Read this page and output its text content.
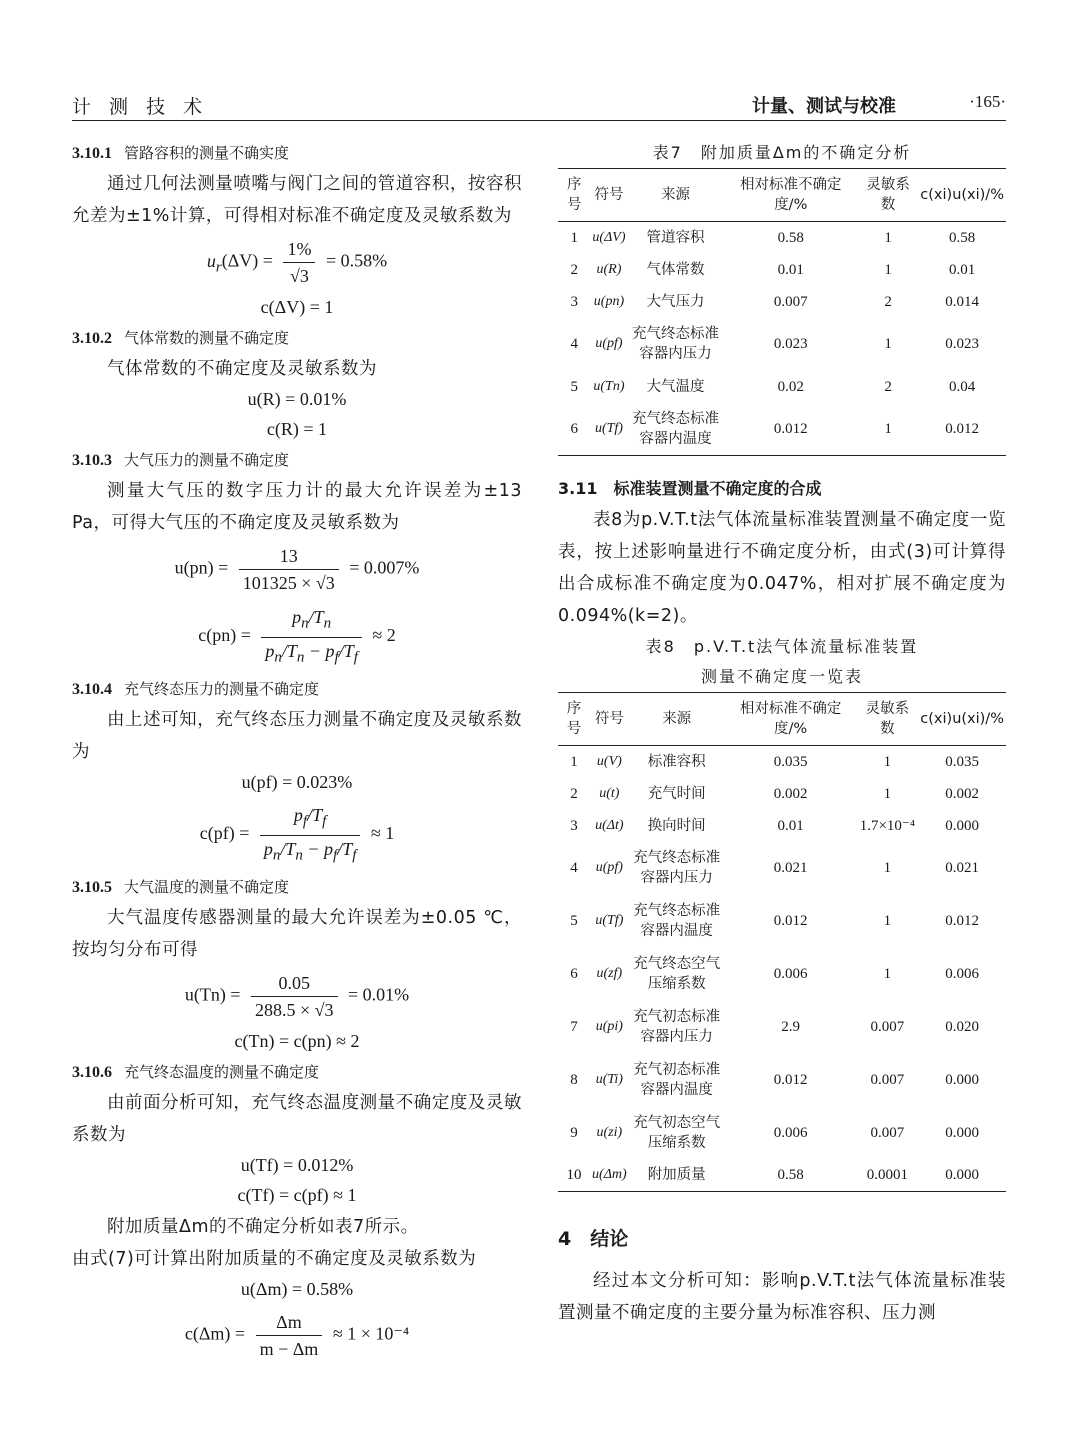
计 测 技 术	计量、测试与校准	·165·

3.10.1 管路容积的测量不确实度

通过几何法测量喷嘴与阀门之间的管道容积，按容积允差为±1%计算，可得相对标准不确定度及灵敏系数为

$u_r(\Delta V) = \frac{1\%}{√3} = 0.58\%$

c(ΔV) = 1

3.10.2 气体常数的测量不确定度

气体常数的不确定度及灵敏系数为

u(R) = 0.01%

c(R) = 1

3.10.3 大气压力的测量不确定度

测量大气压的数字压力计的最大允许误差为±13 Pa，可得大气压的不确定度及灵敏系数为

$u(pn) = \frac{13}{101325 \times √3} = 0.007\%$
$c(pn) = \frac{p_n/T_n}{p_n/T_n - p_f/T_f} \approx 2$

3.10.4 充气终态压力的测量不确定度

由上述可知，充气终态压力测量不确定度及灵敏系数为

u(pf) = 0.023%

$c(pf) = \frac{p_f/T_f}{p_n/T_n - p_f/T_f} \approx 1$

3.10.5 大气温度的测量不确定度

大气温度传感器测量的最大允许误差为±0.05 ℃，按均匀分布可得

$u(Tn) = \frac{0.05}{288.5 \times √3} = 0.01\%$

c(Tn) = c(pn) ≈ 2

3.10.6 充气终态温度的测量不确定度

由前面分析可知，充气终态温度测量不确定度及灵敏系数为

u(Tf) = 0.012%

c(Tf) = c(pf) ≈ 1

附加质量Δm的不确定分析如表7所示。

由式(7)可计算出附加质量的不确定度及灵敏系数为

u(Δm) = 0.58%

$c(\Delta m) = \frac{\Delta m}{m - \Delta m} \approx 1 \times 10^{-4}$

表7　附加质量Δm的不确定分析

序号	符号	来源	相对标准不确定度/%	灵敏系数	c(xi)u(xi)/%
1	u(ΔV)	管道容积	0.58	1	0.58
2	u(R)	气体常数	0.01	1	0.01
3	u(pn)	大气压力	0.007	2	0.014
4	u(pf)	充气终态标准容器内压力	0.023	1	0.023
5	u(Tn)	大气温度	0.02	2	0.04
6	u(Tf)	充气终态标准容器内温度	0.012	1	0.012

3.11　 标准装置测量不确定度的合成

表8为p.V.T.t法气体流量标准装置测量不确定度一览表，按上述影响量进行不确定度分析，由式(3)可计算得出合成标准不确定度为0.047%，相对扩展不确定度为0.094%(k=2)。

表8　p.V.T.t法气体流量标准装置

测量不确定度一览表

序号	符号	来源	相对标准不确定度/%	灵敏系数	c(xi)u(xi)/%
1	u(V)	标准容积	0.035	1	0.035
2	u(t)	充气时间	0.002	1	0.002
3	u(Δt)	换向时间	0.01	1.7×10⁻⁴	0.000
4	u(pf)	充气终态标准容器内压力	0.021	1	0.021
5	u(Tf)	充气终态标准容器内温度	0.012	1	0.012
6	u(zf)	充气终态空气压缩系数	0.006	1	0.006
7	u(pi)	充气初态标准容器内压力	2.9	0.007	0.020
8	u(Ti)	充气初态标准容器内温度	0.012	0.007	0.000
9	u(zi)	充气初态空气压缩系数	0.006	0.007	0.000
10	u(Δm)	附加质量	0.58	0.0001	0.000

4　 结论

经过本文分析可知：影响p.V.T.t法气体流量标准装置测量不确定度的主要分量为标准容积、压力测
